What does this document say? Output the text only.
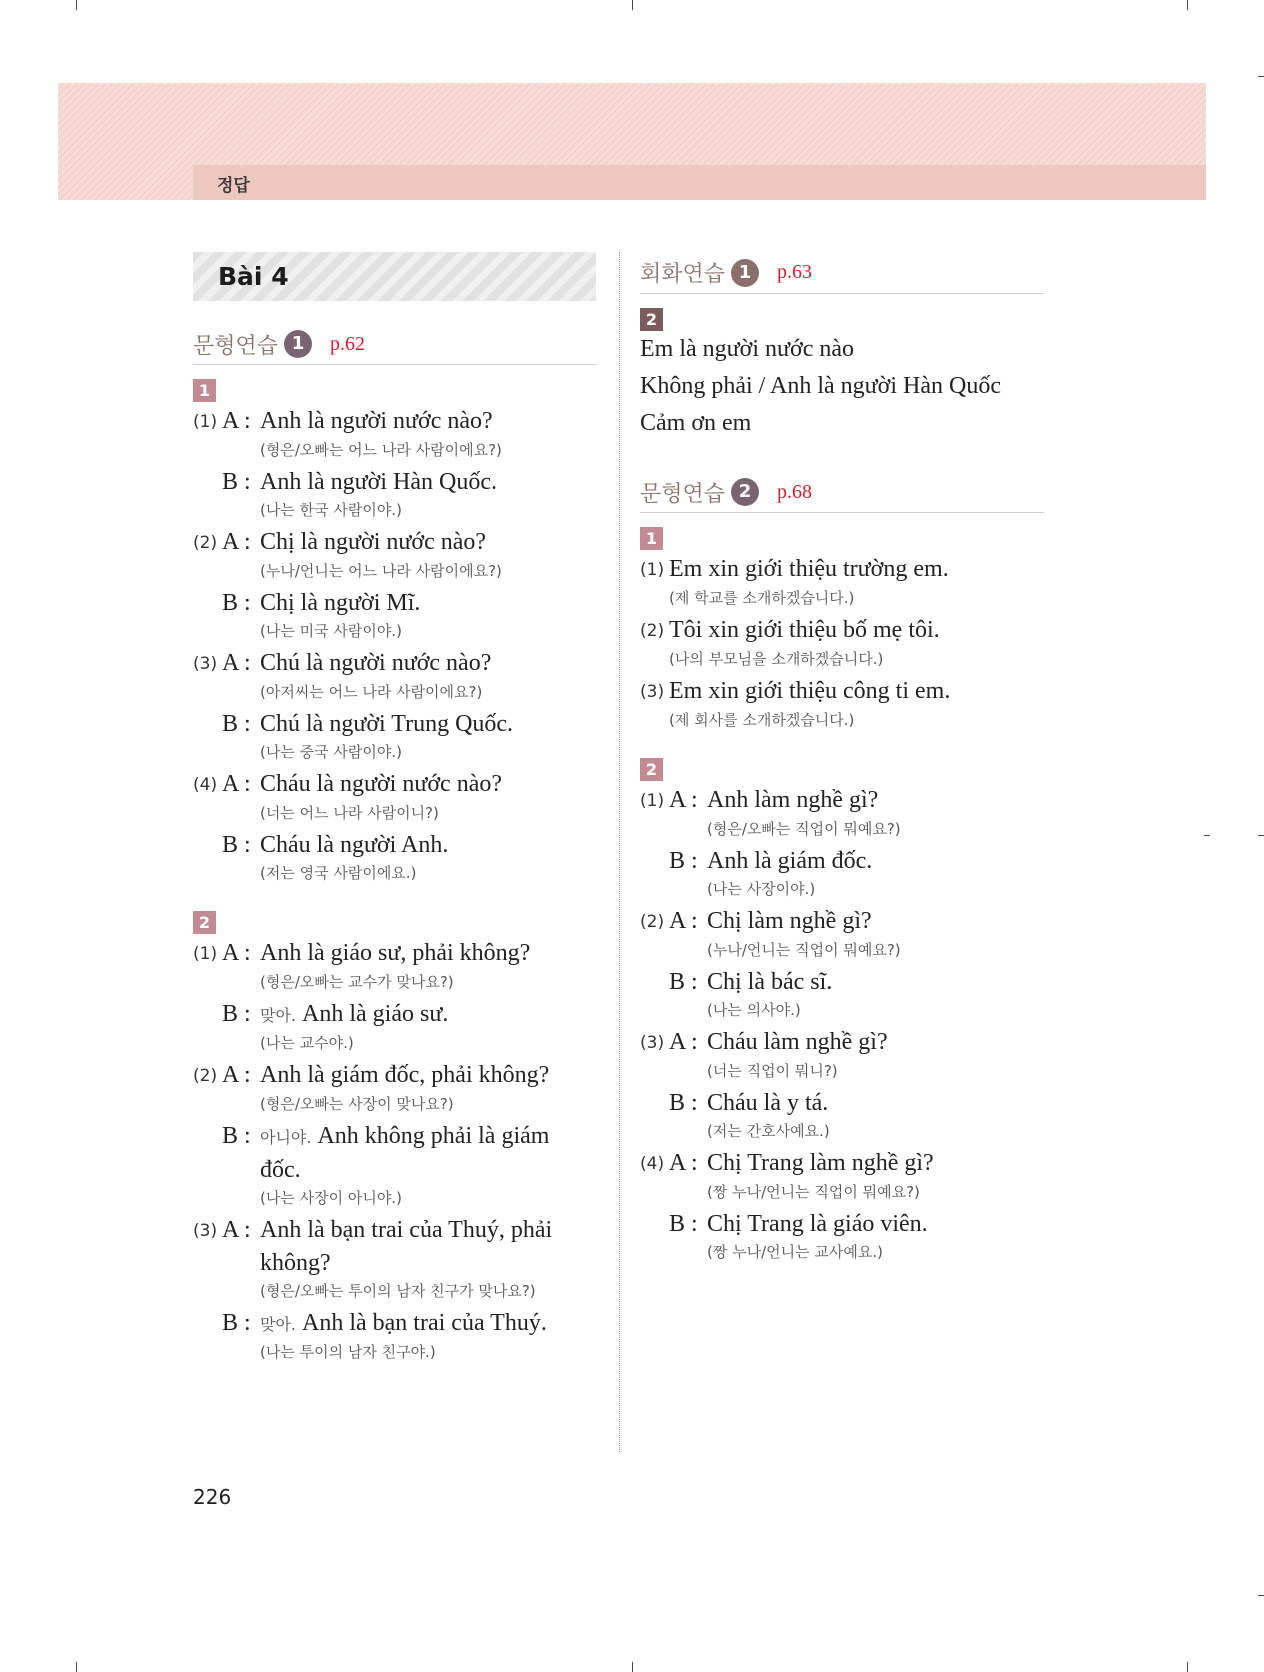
정답
Bài 4
문형연습 1	p.62
1
(1) A : Anh là người nước nào?
(형은/오빠는 어느 나라 사람이에요?)
B : Anh là người Hàn Quốc.
(나는 한국 사람이야.)
(2) A : Chị là người nước nào?
(누나/언니는 어느 나라 사람이에요?)
B : Chị là người Mĩ.
(나는 미국 사람이야.)
(3) A : Chú là người nước nào?
(아저씨는 어느 나라 사람이에요?)
B : Chú là người Trung Quốc.
(나는 중국 사람이야.)
(4) A : Cháu là người nước nào?
(너는 어느 나라 사람이니?)
B : Cháu là người Anh.
(저는 영국 사람이에요.)
2
(1) A : Anh là giáo sư, phải không?
(형은/오빠는 교수가 맞나요?)
B : 맞아. Anh là giáo sư.
(나는 교수야.)
(2) A : Anh là giám đốc, phải không?
(형은/오빠는 사장이 맞나요?)
B : 아니야. Anh không phải là giám đốc.
(나는 사장이 아니야.)
(3) A : Anh là bạn trai của Thuý, phải không?
(형은/오빠는 투이의 남자 친구가 맞나요?)
B : 맞아. Anh là bạn trai của Thuý.
(나는 투이의 남자 친구야.)
회화연습 1	p.63
2
Em là người nước nào
Không phải / Anh là người Hàn Quốc
Cảm ơn em
문형연습 2	p.68
1
(1) Em xin giới thiệu trường em.
(제 학교를 소개하겠습니다.)
(2) Tôi xin giới thiệu bố mẹ tôi.
(나의 부모님을 소개하겠습니다.)
(3) Em xin giới thiệu công ti em.
(제 회사를 소개하겠습니다.)
2
(1) A : Anh làm nghề gì?
(형은/오빠는 직업이 뭐예요?)
B : Anh là giám đốc.
(나는 사장이야.)
(2) A : Chị làm nghề gì?
(누나/언니는 직업이 뭐예요?)
B : Chị là bác sĩ.
(나는 의사야.)
(3) A : Cháu làm nghề gì?
(너는 직업이 뭐니?)
B : Cháu là y tá.
(저는 간호사예요.)
(4) A : Chị Trang làm nghề gì?
(짱 누나/언니는 직업이 뭐예요?)
B : Chị Trang là giáo viên.
(짱 누나/언니는 교사예요.)
226
